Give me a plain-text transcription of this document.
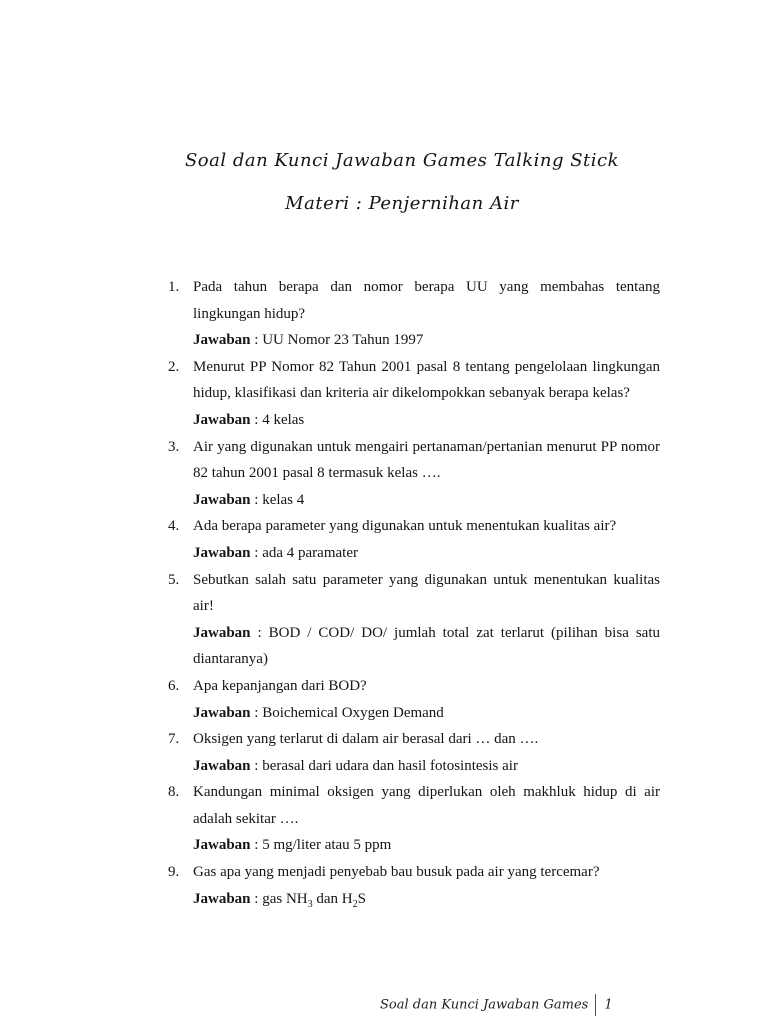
Soal dan Kunci Jawaban Games Talking Stick
Materi : Penjernihan Air
1. Pada tahun berapa dan nomor berapa UU yang membahas tentang lingkungan hidup?
Jawaban : UU Nomor 23 Tahun 1997
2. Menurut PP Nomor 82 Tahun 2001 pasal 8 tentang pengelolaan lingkungan hidup, klasifikasi dan kriteria air dikelompokkan sebanyak berapa kelas?
Jawaban : 4 kelas
3. Air yang digunakan untuk mengairi pertanaman/pertanian menurut PP nomor 82 tahun 2001 pasal 8 termasuk kelas ….
Jawaban : kelas 4
4. Ada berapa parameter yang digunakan untuk menentukan kualitas air?
Jawaban : ada 4 paramater
5. Sebutkan salah satu parameter yang digunakan untuk menentukan kualitas air!
Jawaban : BOD / COD/ DO/ jumlah total zat terlarut (pilihan bisa satu diantaranya)
6. Apa kepanjangan dari BOD?
Jawaban : Boichemical Oxygen Demand
7. Oksigen yang terlarut di dalam air berasal dari … dan ….
Jawaban : berasal dari udara dan hasil fotosintesis air
8. Kandungan minimal oksigen yang diperlukan oleh makhluk hidup di air adalah sekitar ….
Jawaban : 5 mg/liter atau 5 ppm
9. Gas apa yang menjadi penyebab bau busuk pada air yang tercemar?
Jawaban : gas $NH_3$ dan $H_2S$
Soal dan Kunci Jawaban Games 1
